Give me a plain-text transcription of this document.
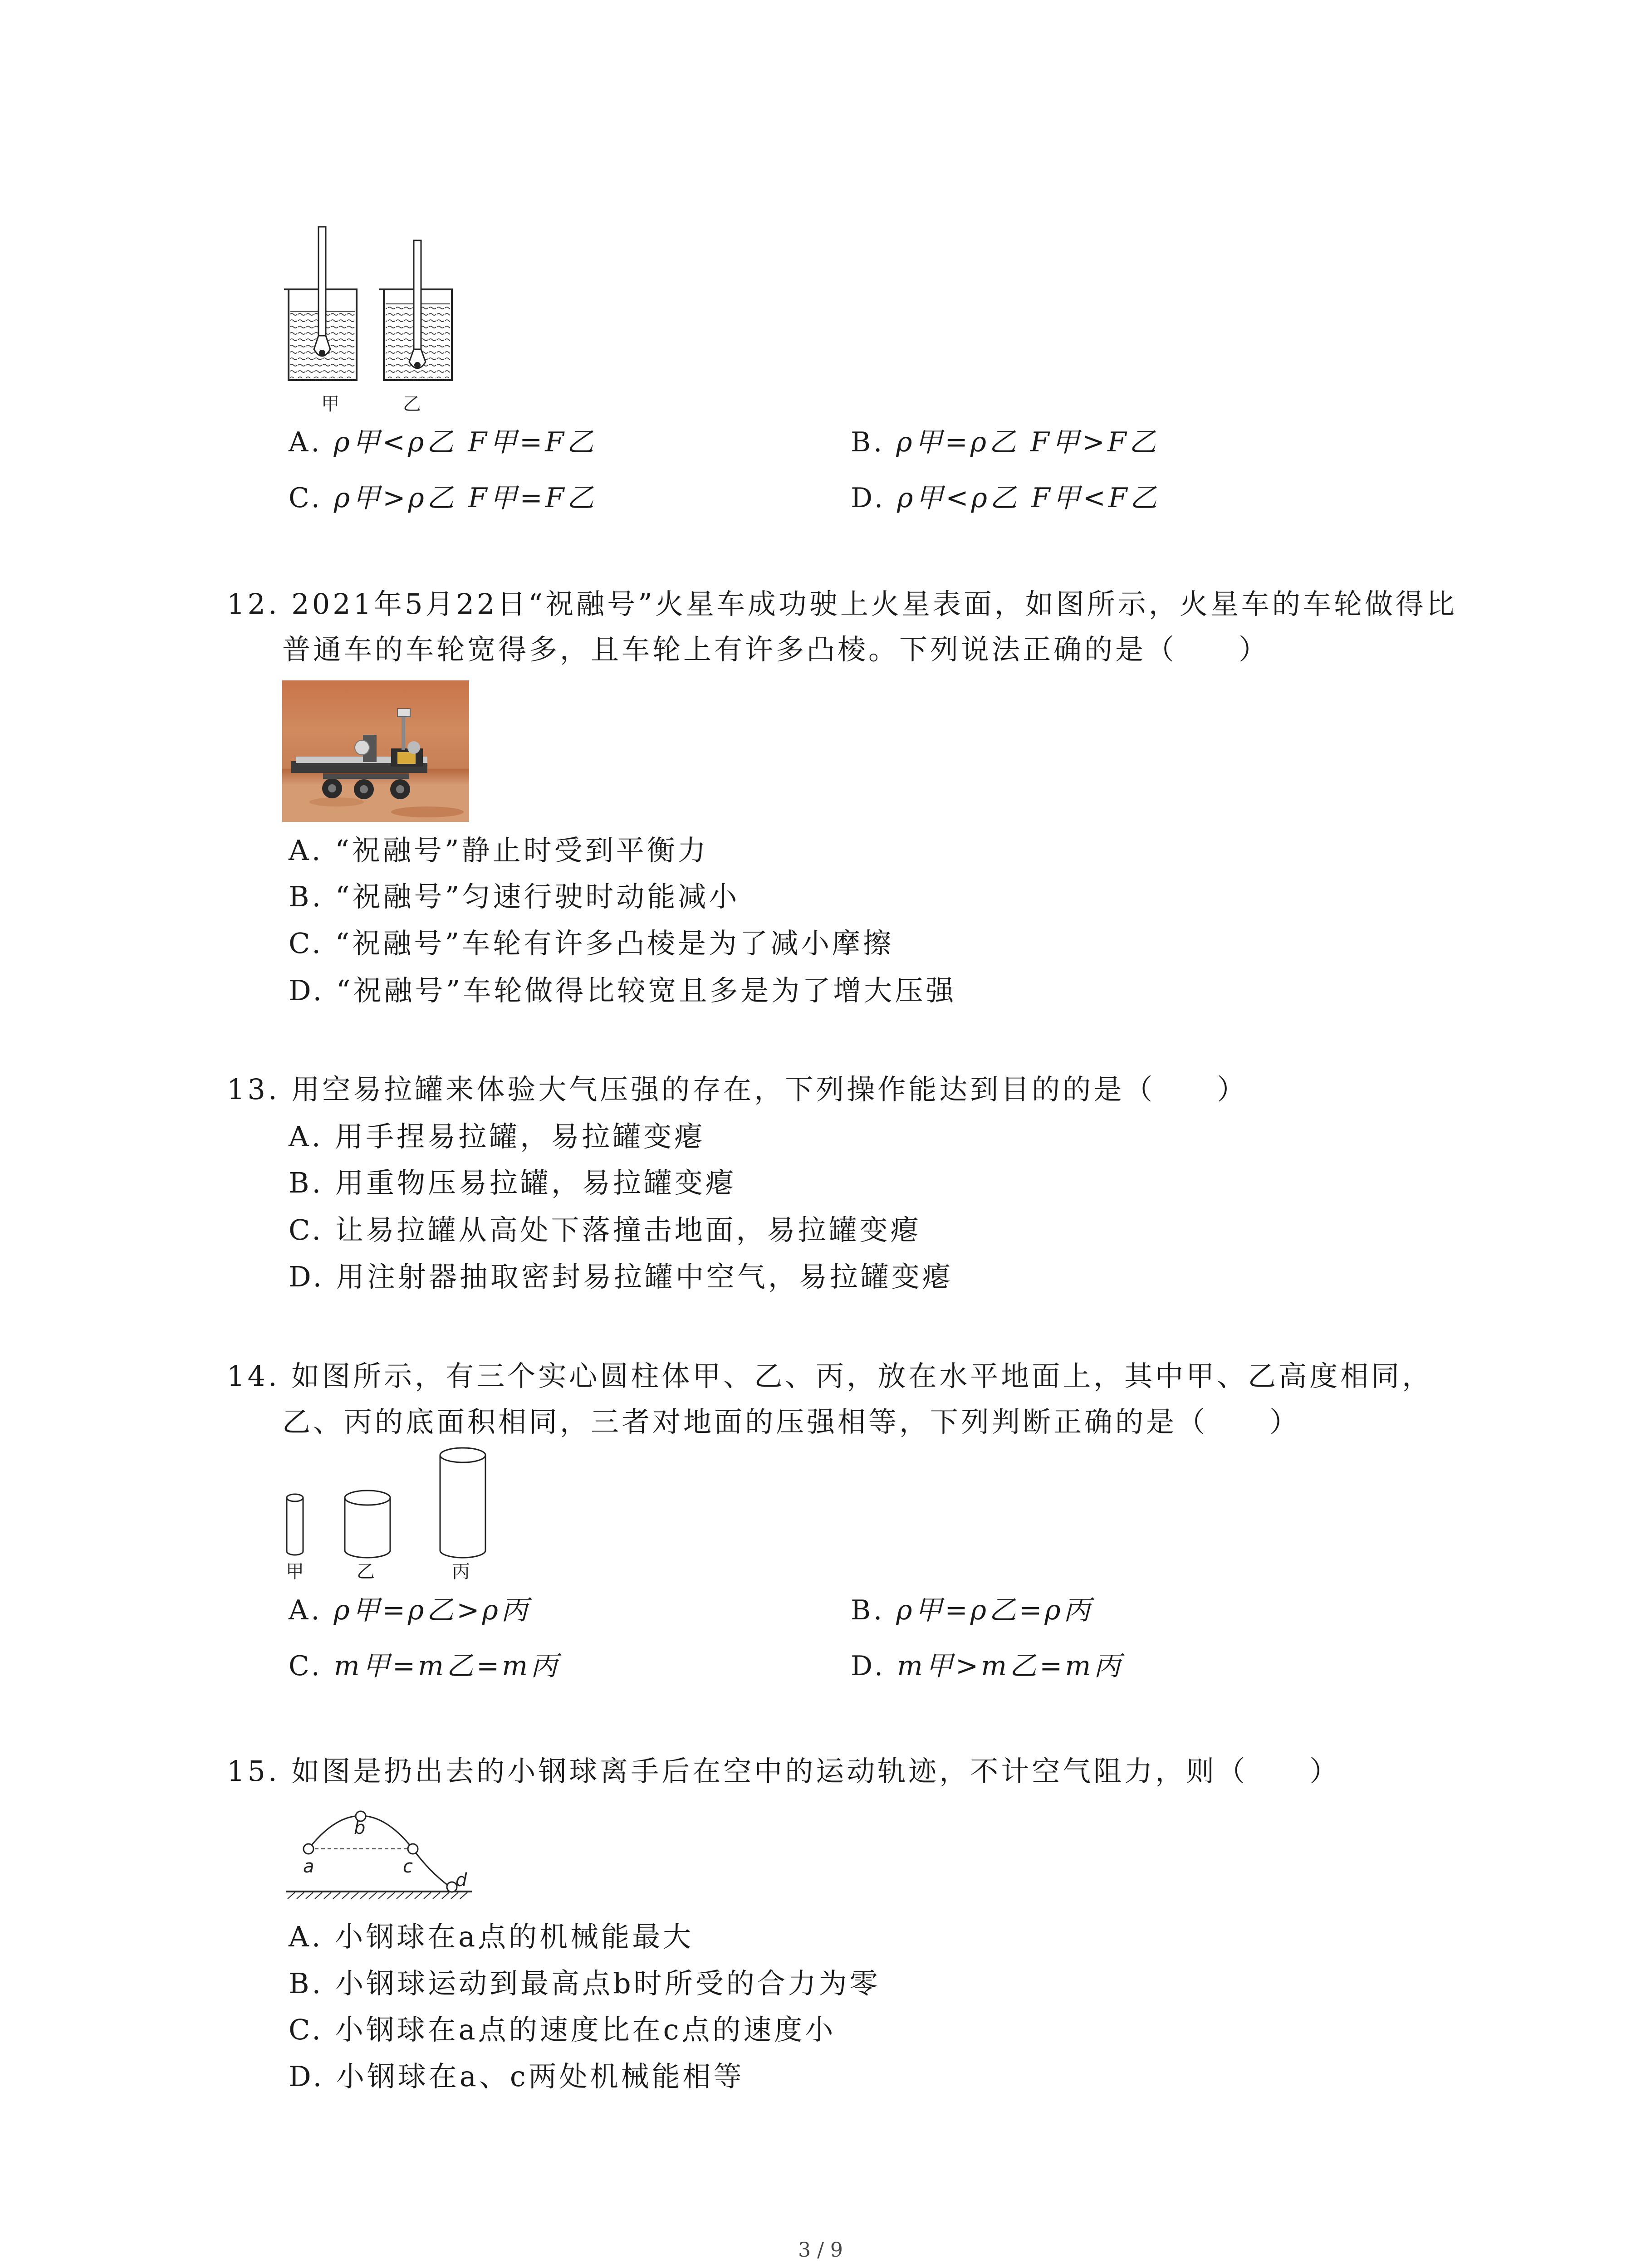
甲	乙
A. ρ甲<ρ乙 F甲=F乙	B. ρ甲=ρ乙 F甲>F乙
C. ρ甲>ρ乙 F甲=F乙	D. ρ甲<ρ乙 F甲<F乙
12. 2021年5月22日“祝融号”火星车成功驶上火星表面，如图所示，火星车的车轮做得比
普通车的车轮宽得多，且车轮上有许多凸棱。下列说法正确的是（　　）
A. “祝融号”静止时受到平衡力
B. “祝融号”匀速行驶时动能减小
C. “祝融号”车轮有许多凸棱是为了减小摩擦
D. “祝融号”车轮做得比较宽且多是为了增大压强
13. 用空易拉罐来体验大气压强的存在，下列操作能达到目的的是（　　）
A. 用手捏易拉罐，易拉罐变瘪
B. 用重物压易拉罐，易拉罐变瘪
C. 让易拉罐从高处下落撞击地面，易拉罐变瘪
D. 用注射器抽取密封易拉罐中空气，易拉罐变瘪
14. 如图所示，有三个实心圆柱体甲、乙、丙，放在水平地面上，其中甲、乙高度相同，
乙、丙的底面积相同，三者对地面的压强相等，下列判断正确的是（　　）
甲	乙	丙
A. ρ甲=ρ乙>ρ丙	B. ρ甲=ρ乙=ρ丙
C. m甲=m乙=m丙	D. m甲>m乙=m丙
15. 如图是扔出去的小钢球离手后在空中的运动轨迹，不计空气阻力，则（　　）
a
b
c
d
A. 小钢球在a点的机械能最大
B. 小钢球运动到最高点b时所受的合力为零
C. 小钢球在a点的速度比在c点的速度小
D. 小钢球在a、c两处机械能相等
3 / 9
